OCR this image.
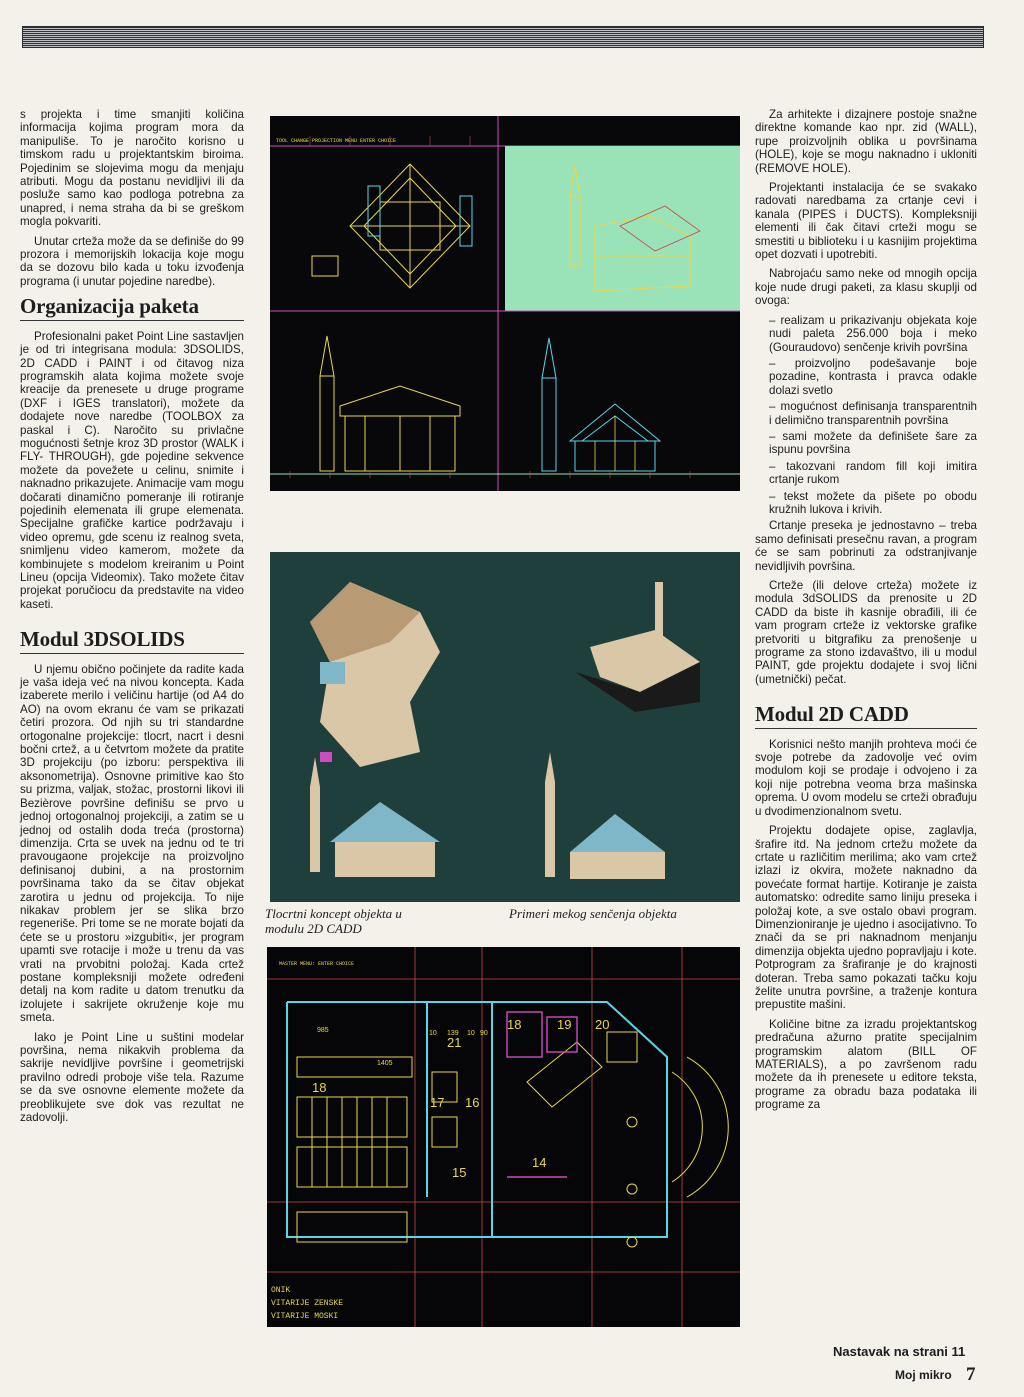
s projekta i time smanjiti količina informacija kojima program mora da manipuliše. To je naročito korisno u timskom radu u projektantskim biroima. Pojedinim se slojevima mogu da menjaju atributi. Mogu da postanu nevidljivi ili da posluže samo kao podloga potrebna za unapred, i nema straha da bi se greškom mogla pokvariti.

Unutar crteža može da se definiše do 99 prozora i memorijskih lokacija koje mogu da se dozovu bilo kada u toku izvođenja programa (i unutar pojedine naredbe).

Organizacija paketa

Profesionalni paket Point Line sastavljen je od tri integrisana modula: 3DSOLIDS, 2D CADD i PAINT i od čitavog niza programskih alata kojima možete svoje kreacije da prenesete u druge programe (DXF i IGES translatori), možete da dodajete nove naredbe (TOOLBOX za paskal i C). Naročito su privlačne mogućnosti šetnje kroz 3D prostor (WALK i FLY- THROUGH), gde pojedine sekvence možete da povežete u celinu, snimite i naknadno prikazujete. Animacije vam mogu dočarati dinamično pomeranje ili rotiranje pojedinih elemenata ili grupe elemenata. Specijalne grafičke kartice podržavaju i video opremu, gde scenu iz realnog sveta, snimljenu video kamerom, možete da kombinujete s modelom kreiranim u Point Lineu (opcija Videomix). Tako možete čitav projekat poručiocu da predstavite na video kaseti.

Modul 3DSOLIDS

U njemu obično počinjete da radite kada je vaša ideja već na nivou koncepta. Kada izaberete merilo i veličinu hartije (od A4 do AO) na ovom ekranu će vam se prikazati četiri prozora. Od njih su tri standardne ortogonalne projekcije: tlocrt, nacrt i desni bočni crtež, a u četvrtom možete da pratite 3D projekciju (po izboru: perspektiva ili aksonometrija). Osnovne primitive kao što su prizma, valjak, stožac, prostorni likovi ili Bezièrove površine definišu se prvo u jednoj ortogonalnoj projekciji, a zatim se u jednoj od ostalih doda treća (prostorna) dimenzija. Crta se uvek na jednu od te tri pravougaone projekcije na proizvoljno definisanoj dubini, a na prostornim površinama tako da se čitav objekat zarotira u jednu od projekcija. To nije nikakav problem jer se slika brzo regeneriše. Pri tome se ne morate bojati da ćete se u prostoru »izgubiti«, jer program upamti sve rotacije i može u trenu da vas vrati na prvobitni položaj. Kada crtež postane kompleksniji možete određeni detalj na kom radite u datom trenutku da izolujete i sakrijete okruženje koje mu smeta.

Iako je Point Line u suštini modelar površina, nema nikakvih problema da sakrije nevidljive površine i geometrijski pravilno odredi proboje više tela. Razume se da sve osnovne elemente možete da preoblikujete sve dok vas rezultat ne zadovolji.

TOOL CHANGE PROJECTION MENU ENTER CHOICE
Tlocrtni koncept objekta u modulu 2D CADD
Primeri mekog senčenja objekta
MASTER MENU: ENTER CHOICE
18	19 20
21
17 16
15
14
18
10 139 10 90
985
1405
ONIK
VITARIJE ZENSKE
VITARIJE MOSKI

Za arhitekte i dizajnere postoje snažne direktne komande kao npr. zid (WALL), rupe proizvoljnih oblika u površinama (HOLE), koje se mogu naknadno i ukloniti (REMOVE HOLE).

Projektanti instalacija će se svakako radovati naredbama za crtanje cevi i kanala (PIPES i DUCTS). Kompleksniji elementi ili čak čitavi crteži mogu se smestiti u biblioteku i u kasnijim projektima opet dozvati i upotrebiti.

Nabrojaću samo neke od mnogih opcija koje nude drugi paketi, za klasu skuplji od ovoga:

– realizam u prikazivanju objekata koje nudi paleta 256.000 boja i meko (Gouraudovo) senčenje krivih površina

– proizvoljno podešavanje boje pozadine, kontrasta i pravca odakle dolazi svetlo

– mogućnost definisanja transparentnih i delimično transparentnih površina

– sami možete da definišete šare za ispunu površina

– takozvani random fill koji imitira crtanje rukom

– tekst možete da pišete po obodu kružnih lukova i krivih.

Crtanje preseka je jednostavno – treba samo definisati presečnu ravan, a program će se sam pobrinuti za odstranjivanje nevidljivih površina.

Crteže (ili delove crteža) možete iz modula 3dSOLIDS da prenosite u 2D CADD da biste ih kasnije obrađili, ili će vam program crteže iz vektorske grafike pretvoriti u bitgrafiku za prenošenje u programe za stono izdavaštvo, ili u modul PAINT, gde projektu dodajete i svoj lični (umetnički) pečat.

Modul 2D CADD

Korisnici nešto manjih prohteva moći će svoje potrebe da zadovolje već ovim modulom koji se prodaje i odvojeno i za koji nije potrebna veoma brza mašinska oprema. U ovom modelu se crteži obrađuju u dvodimenzionalnom svetu.

Projektu dodajete opise, zaglavlja, šrafire itd. Na jednom crtežu možete da crtate u različitim merilima; ako vam crtež izlazi iz okvira, možete naknadno da povećate format hartije. Kotiranje je zaista automatsko: odredite samo liniju preseka i položaj kote, a sve ostalo obavi program. Dimenzioniranje je ujedno i asocijativno. To znači da se pri naknadnom menjanju dimenzija objekta ujedno popravljaju i kote. Potprogram za šrafiranje je do krajnosti doteran. Treba samo pokazati tačku koju želite unutra površine, a traženje kontura prepustite mašini.

Količine bitne za izradu projektantskog predračuna ažurno pratite specijalnim programskim alatom (BILL OF MATERIALS), a po završenom radu možete da ih prenesete u editore teksta, programe za obradu baza podataka ili programe za

Nastavak na strani 11
Moj mikro 7
